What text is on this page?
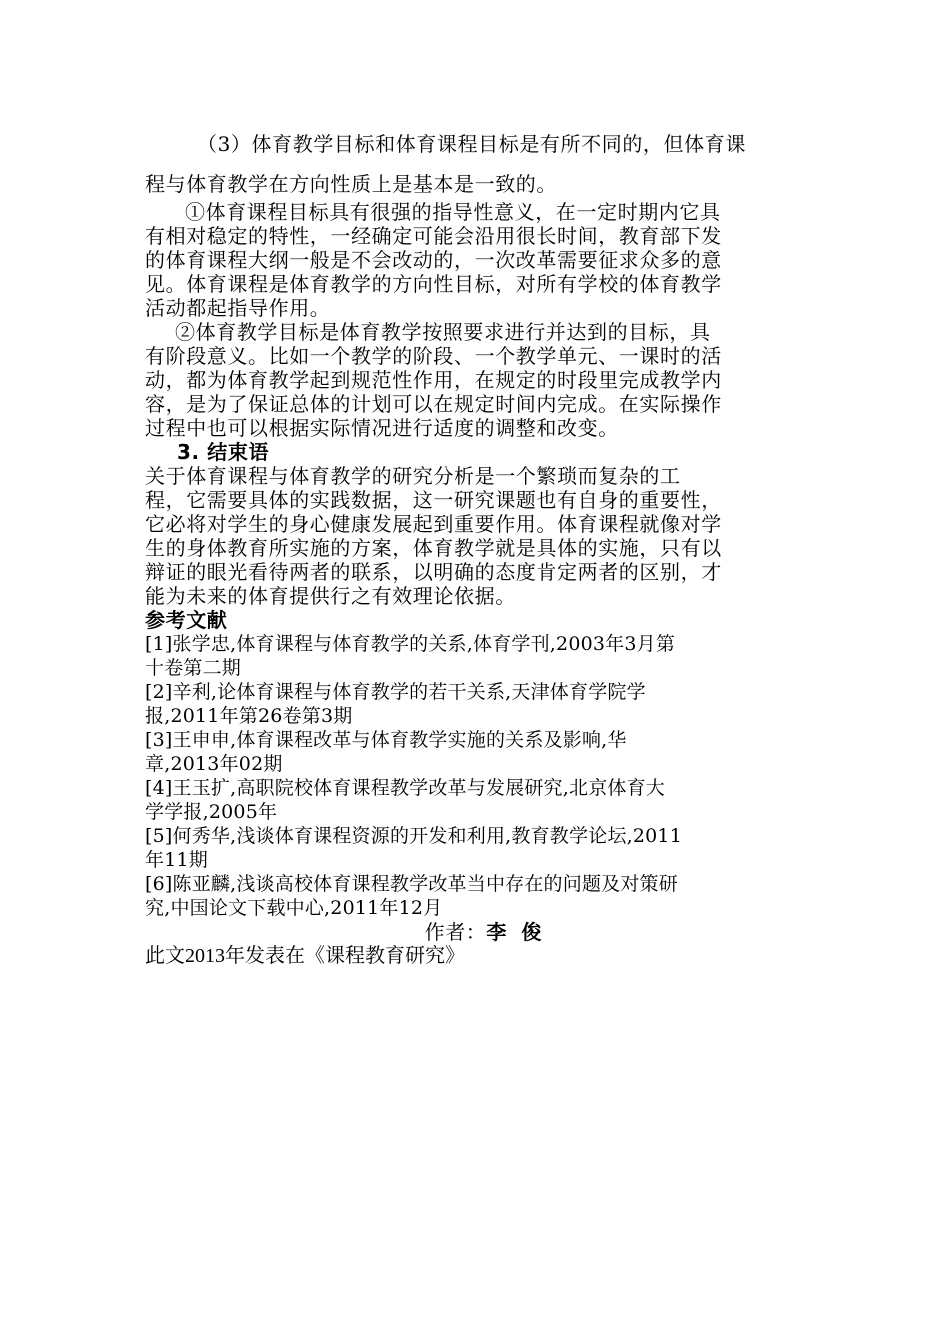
（3）体育教学目标和体育课程目标是有所不同的，但体育课
程与体育教学在方向性质上是基本是一致的。
①体育课程目标具有很强的指导性意义，在一定时期内它具
有相对稳定的特性，一经确定可能会沿用很长时间，教育部下发
的体育课程大纲一般是不会改动的，一次改革需要征求众多的意
见。体育课程是体育教学的方向性目标，对所有学校的体育教学
活动都起指导作用。
②体育教学目标是体育教学按照要求进行并达到的目标，具
有阶段意义。比如一个教学的阶段、一个教学单元、一课时的活
动，都为体育教学起到规范性作用，在规定的时段里完成教学内
容，是为了保证总体的计划可以在规定时间内完成。在实际操作
过程中也可以根据实际情况进行适度的调整和改变。
3. 结束语
关于体育课程与体育教学的研究分析是一个繁琐而复杂的工
程，它需要具体的实践数据，这一研究课题也有自身的重要性，
它必将对学生的身心健康发展起到重要作用。体育课程就像对学
生的身体教育所实施的方案，体育教学就是具体的实施，只有以
辩证的眼光看待两者的联系，以明确的态度肯定两者的区别，才
能为未来的体育提供行之有效理论依据。
参考文献
[1]张学忠,体育课程与体育教学的关系,体育学刊,2003年3月第
十卷第二期
[2]辛利,论体育课程与体育教学的若干关系,天津体育学院学
报,2011年第26卷第3期
[3]王申申,体育课程改革与体育教学实施的关系及影响,华
章,2013年02期
[4]王玉扩,高职院校体育课程教学改革与发展研究,北京体育大
学学报,2005年
[5]何秀华,浅谈体育课程资源的开发和利用,教育教学论坛,2011
年11期
[6]陈亚麟,浅谈高校体育课程教学改革当中存在的问题及对策研
究,中国论文下载中心,2011年12月
作者：李 俊
此文2013年发表在《课程教育研究》
